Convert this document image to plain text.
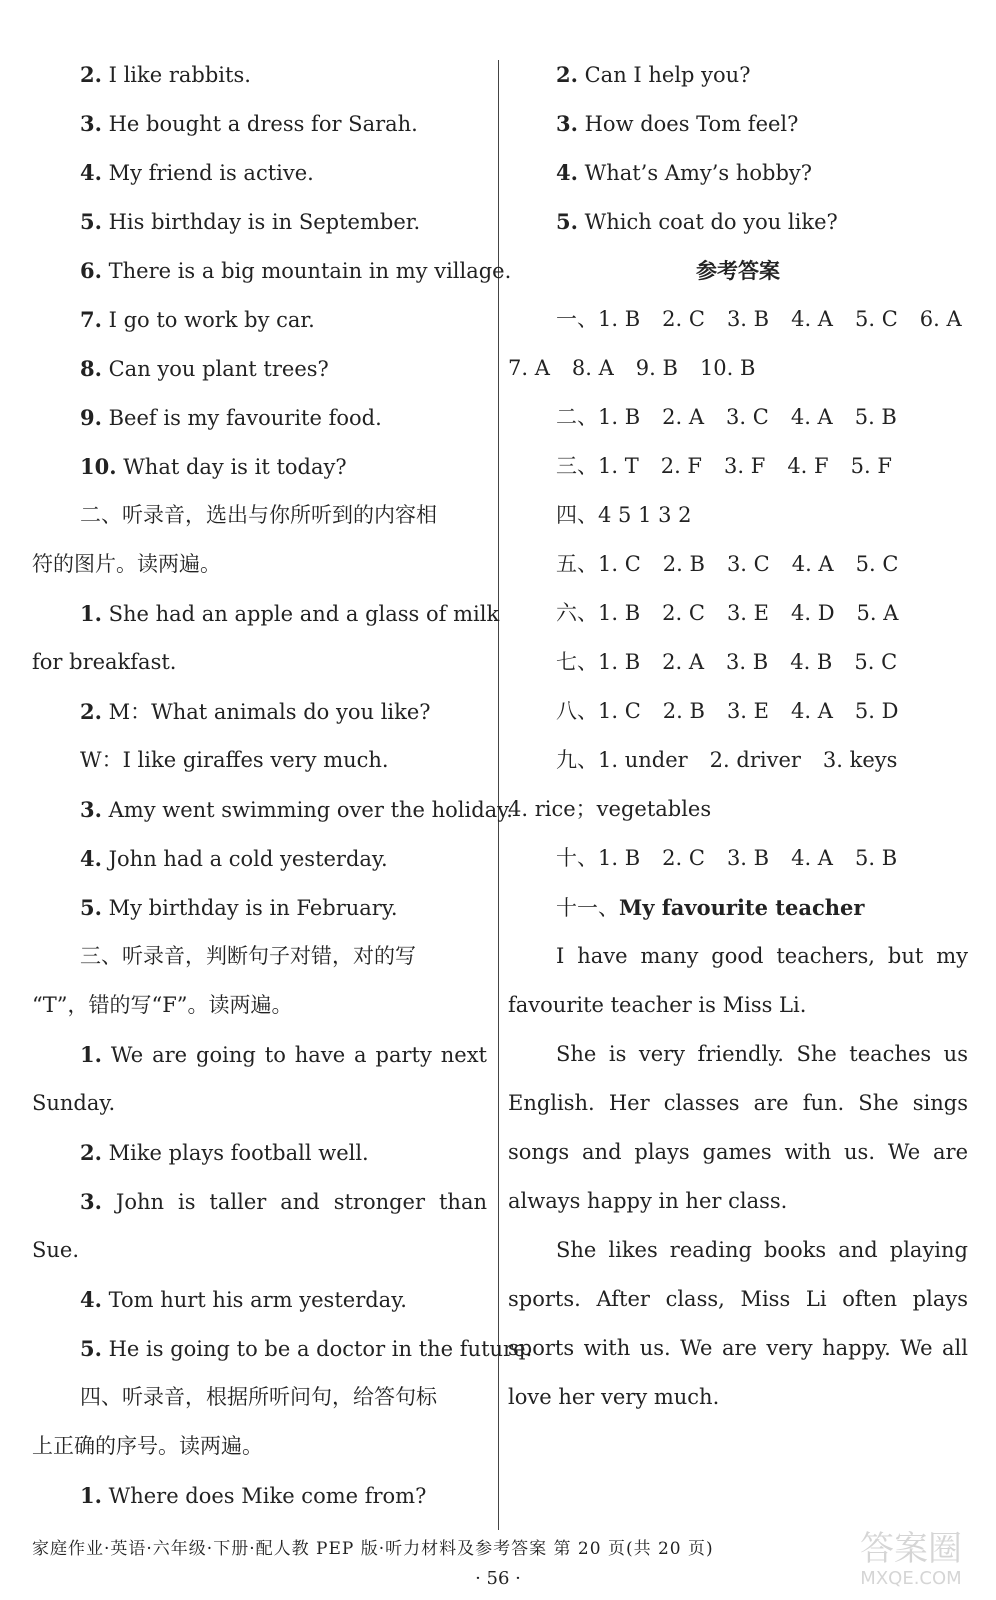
2. I like rabbits.
3. He bought a dress for Sarah.
4. My friend is active.
5. His birthday is in September.
6. There is a big mountain in my village.
7. I go to work by car.
8. Can you plant trees?
9. Beef is my favourite food.
10. What day is it today?
二、听录音，选出与你所听到的内容相
符的图片。读两遍。
1. She had an apple and a glass of milk
for breakfast.
2. M：What animals do you like?
W：I like giraffes very much.
3. Amy went swimming over the holiday.
4. John had a cold yesterday.
5. My birthday is in February.
三、听录音，判断句子对错，对的写
“T”，错的写“F”。读两遍。
1. We are going to have a party next
Sunday.
2. Mike plays football well.
3. John is taller and stronger than
Sue.
4. Tom hurt his arm yesterday.
5. He is going to be a doctor in the future.
四、听录音，根据所听问句，给答句标
上正确的序号。读两遍。
1. Where does Mike come from?
2. Can I help you?
3. How does Tom feel?
4. What’s Amy’s hobby?
5. Which coat do you like?
参考答案
一、1. B 2. C 3. B 4. A 5. C 6. A
7. A 8. A 9. B 10. B
二、1. B 2. A 3. C 4. A 5. B
三、1. T 2. F 3. F 4. F 5. F
四、4 5 1 3 2
五、1. C 2. B 3. C 4. A 5. C
六、1. B 2. C 3. E 4. D 5. A
七、1. B 2. A 3. B 4. B 5. C
八、1. C 2. B 3. E 4. A 5. D
九、1. under 2. driver 3. keys
4. rice；vegetables
十、1. B 2. C 3. B 4. A 5. B
十一、My favourite teacher
I have many good teachers, but my
favourite teacher is Miss Li.
She is very friendly. She teaches us
English. Her classes are fun. She sings
songs and plays games with us. We are
always happy in her class.
She likes reading books and playing
sports. After class, Miss Li often plays
sports with us. We are very happy. We all
love her very much.
家庭作业·英语·六年级·下册·配人教 PEP 版·听力材料及参考答案 第 20 页(共 20 页)
· 56 ·
答案圈
MXQE.COM
